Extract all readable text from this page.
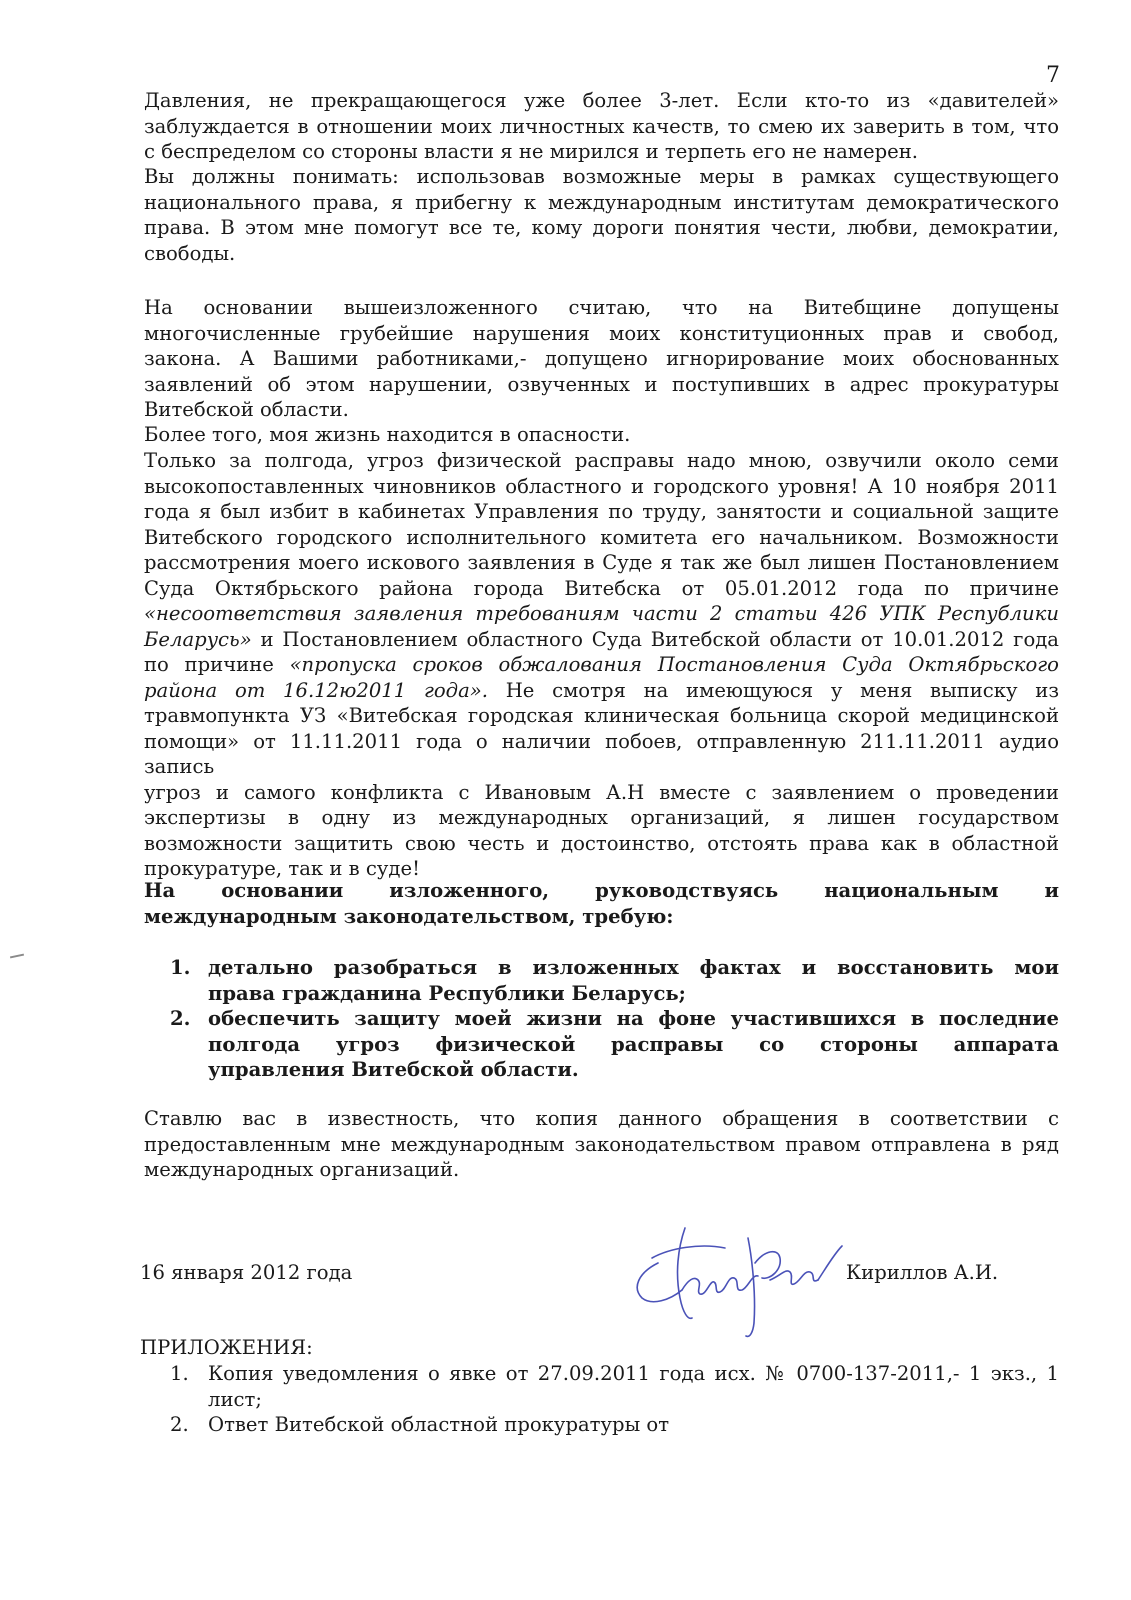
7

Давления, не прекращающегося уже более 3-лет. Если кто-то из «давителей»
заблуждается в отношении моих личностных качеств, то смею их заверить в том, что
с беспределом со стороны власти я не мирился и терпеть его не намерен.

Вы должны понимать: использовав возможные меры в рамках существующего
национального права, я прибегну к международным институтам демократического
права. В этом мне помогут все те, кому дороги понятия чести, любви, демократии,
свободы.

На основании вышеизложенного считаю, что на Витебщине допущены
многочисленные грубейшие нарушения моих конституционных прав и свобод,
закона. А Вашими работниками,- допущено игнорирование моих обоснованных
заявлений об этом нарушении, озвученных и поступивших в адрес прокуратуры
Витебской области.

Более того, моя жизнь находится в опасности.

Только за полгода, угроз физической расправы надо мною, озвучили около семи
высокопоставленных чиновников областного и городского уровня! А 10 ноября 2011
года я был избит в кабинетах Управления по труду, занятости и социальной защите
Витебского городского исполнительного комитета его начальником. Возможности
рассмотрения моего искового заявления в Суде я так же был лишен Постановлением
Суда Октябрьского района города Витебска от 05.01.2012 года по причине
«несоответствия заявления требованиям части 2 статьи 426 УПК Республики
Беларусь» и Постановлением областного Суда Витебской области от 10.01.2012 года
по причине «пропуска сроков обжалования Постановления Суда Октябрьского
района от 16.12ю2011 года». Не смотря на имеющуюся у меня выписку из
травмопункта УЗ «Витебская городская клиническая больница скорой медицинской
помощи» от 11.11.2011 года о наличии побоев, отправленную 211.11.2011 аудио запись
угроз и самого конфликта с Ивановым А.Н вместе с заявлением о проведении
экспертизы в одну из международных организаций, я лишен государством
возможности защитить свою честь и достоинство, отстоять права как в областной
прокуратуре, так и в суде!

На основании изложенного, руководствуясь национальным и
международным законодательством, требую:

1. детально разобраться в изложенных фактах и восстановить мои
права гражданина Республики Беларусь;
2. обеспечить защиту моей жизни на фоне участившихся в последние
полгода угроз физической расправы со стороны аппарата
управления Витебской области.

Ставлю вас в известность, что копия данного обращения в соответствии с
предоставленным мне международным законодательством правом отправлена в ряд
международных организаций.

16 января 2012 года	Кириллов А.И.
ПРИЛОЖЕНИЯ:
1. Копия уведомления о явке от 27.09.2011 года исх. № 0700-137-2011,- 1 экз., 1
лист;
2. Ответ Витебской областной прокуратуры от
